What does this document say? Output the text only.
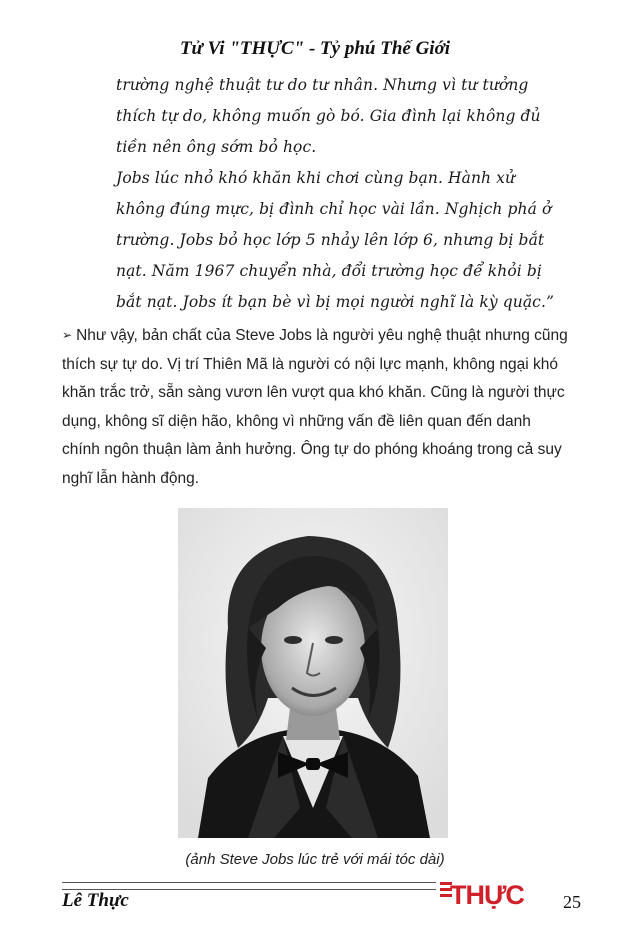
Tử Vi "THỰC" - Tỷ phú Thế Giới

trường nghệ thuật tư do tư nhân. Nhưng vì tư tưởng thích tự do, không muốn gò bó. Gia đình lại không đủ tiền nên ông sớm bỏ học.

Jobs lúc nhỏ khó khăn khi chơi cùng bạn. Hành xử không đúng mực, bị đình chỉ học vài lần. Nghịch phá ở trường. Jobs bỏ học lớp 5 nhảy lên lớp 6, nhưng bị bắt nạt. Năm 1967 chuyển nhà, đổi trường học để khỏi bị bắt nạt. Jobs ít bạn bè vì bị mọi người nghĩ là kỳ quặc.”

➢ Như vậy, bản chất của Steve Jobs là người yêu nghệ thuật nhưng cũng thích sự tự do. Vị trí Thiên Mã là người có nội lực mạnh, không ngại khó khăn trắc trở, sẵn sàng vươn lên vượt qua khó khăn. Cũng là người thực dụng, không sĩ diện hão, không vì những vấn đề liên quan đến danh chính ngôn thuận làm ảnh hưởng. Ông tự do phóng khoáng trong cả suy nghĩ lẫn hành động.
(ảnh Steve Jobs lúc trẻ với mái tóc dài)
Lê Thực	THỰC 25
